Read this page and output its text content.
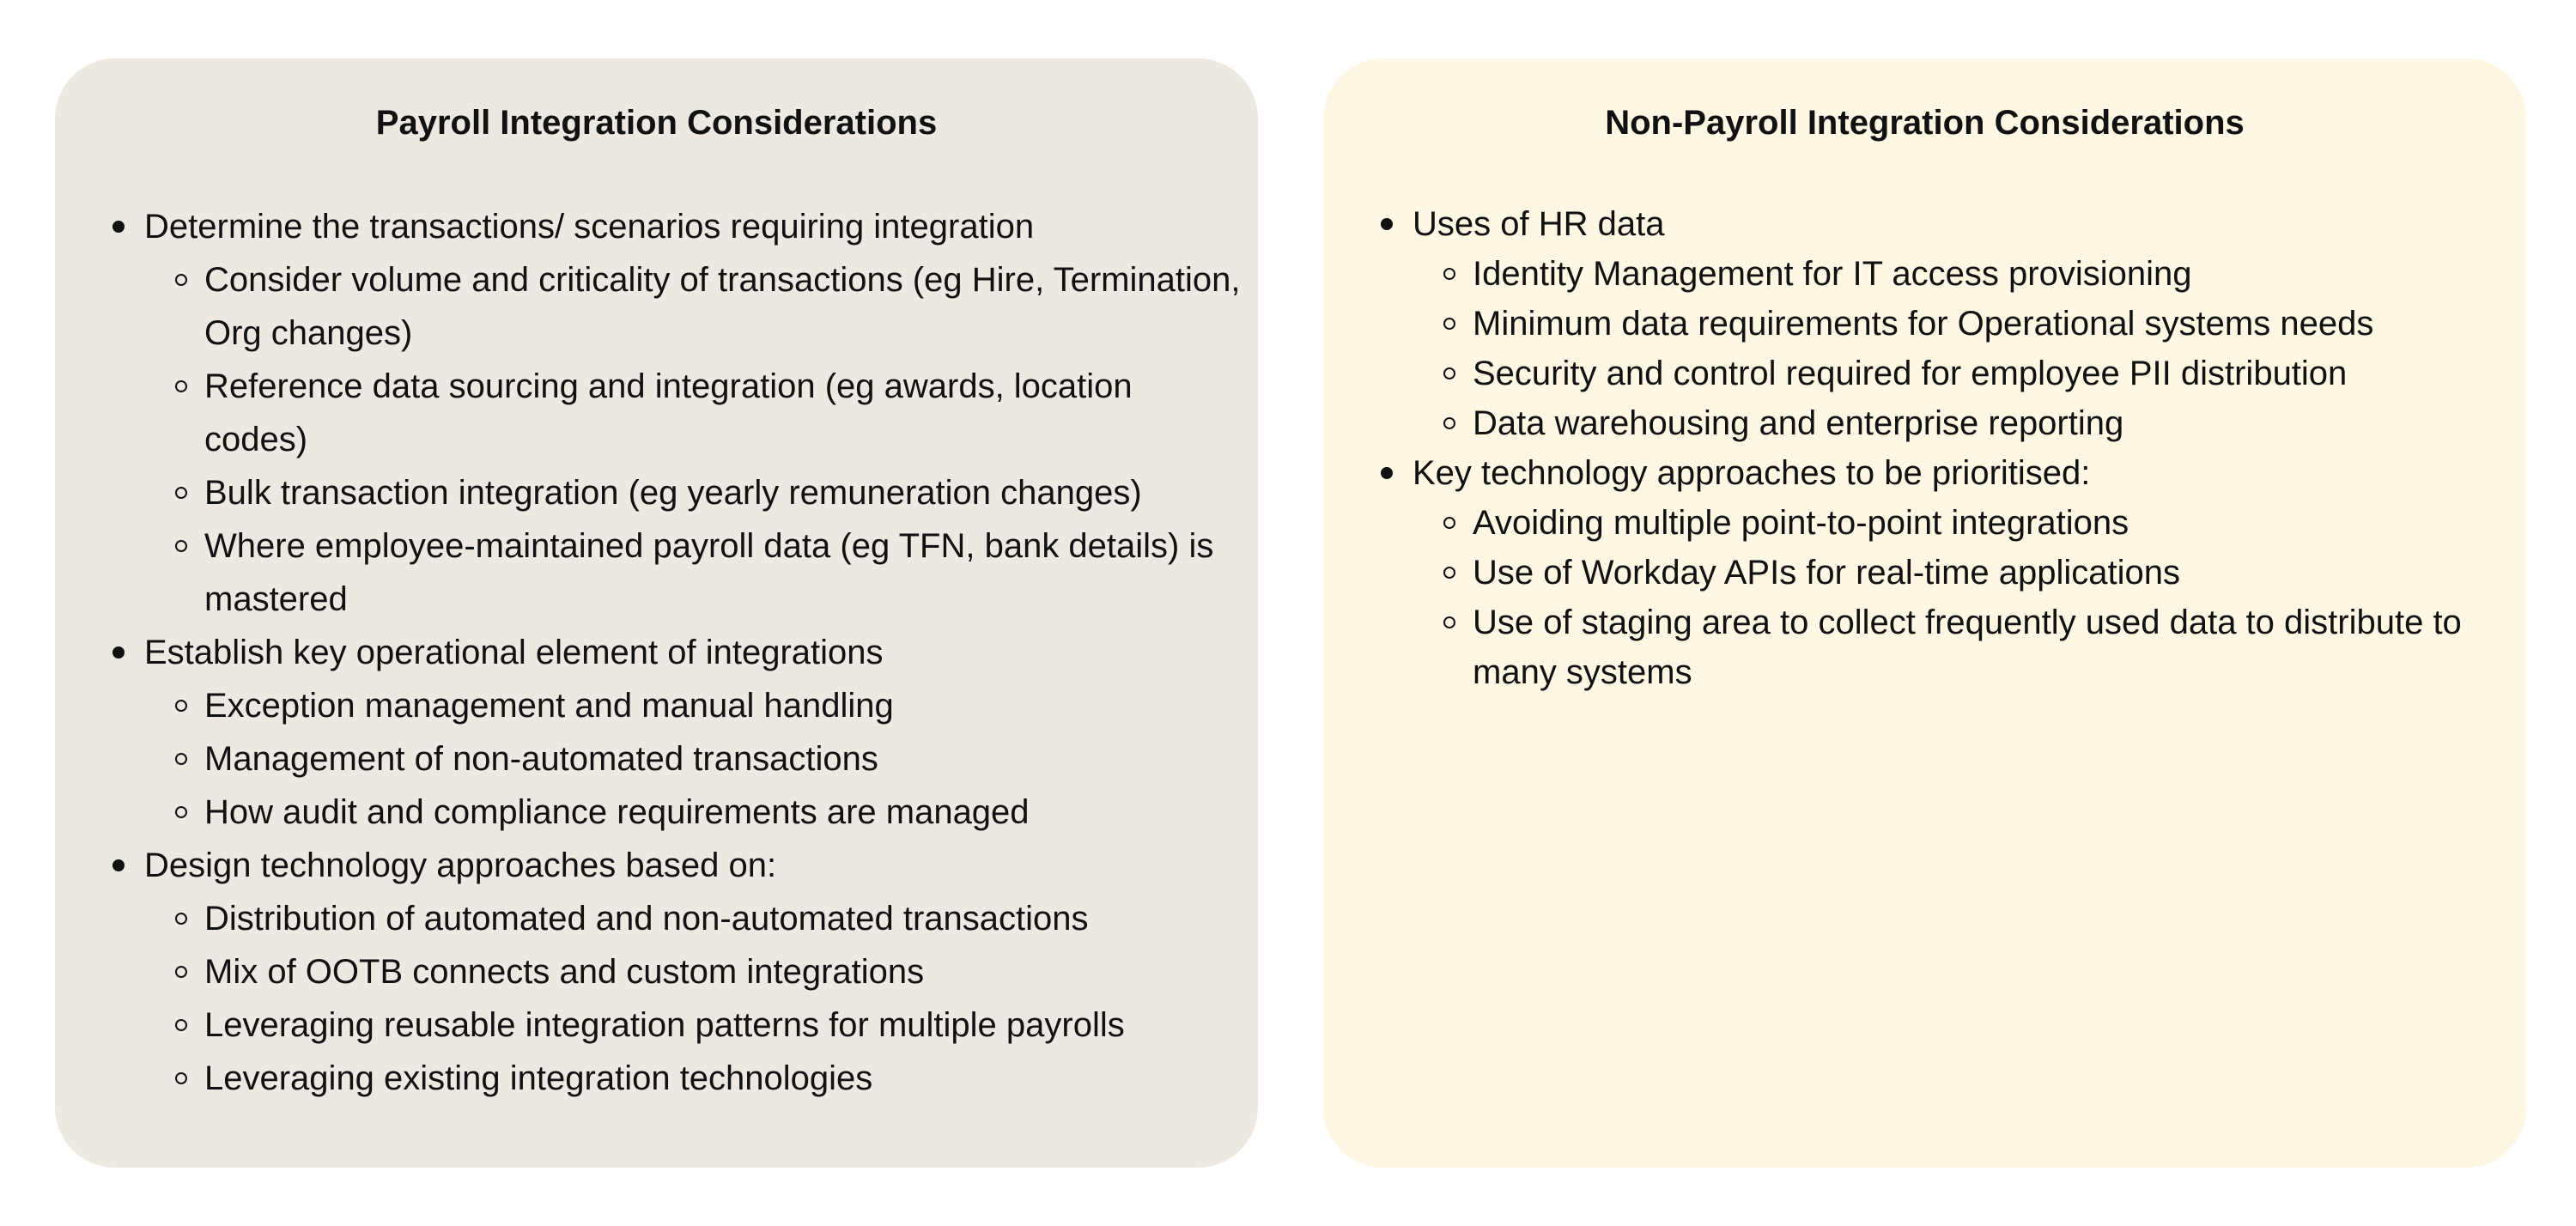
Payroll Integration Considerations
Determine the transactions/ scenarios requiring integration
Consider volume and criticality of transactions (eg Hire, Termination, Org changes)
Reference data sourcing and integration (eg awards, location codes)
Bulk transaction integration (eg yearly remuneration changes)
Where employee-maintained payroll data (eg TFN, bank details) is mastered
Establish key operational element of integrations
Exception management and manual handling
Management of non-automated transactions
How audit and compliance requirements are managed
Design technology approaches based on:
Distribution of automated and non-automated transactions
Mix of OOTB connects and custom integrations
Leveraging reusable integration patterns for multiple payrolls
Leveraging existing integration technologies
Non-Payroll Integration Considerations
Uses of HR data
Identity Management for IT access provisioning
Minimum data requirements for Operational systems needs
Security and control required for employee PII distribution
Data warehousing and enterprise reporting
Key technology approaches to be prioritised:
Avoiding multiple point-to-point integrations
Use of Workday APIs for real-time applications
Use of staging area to collect frequently used data to distribute to many systems
